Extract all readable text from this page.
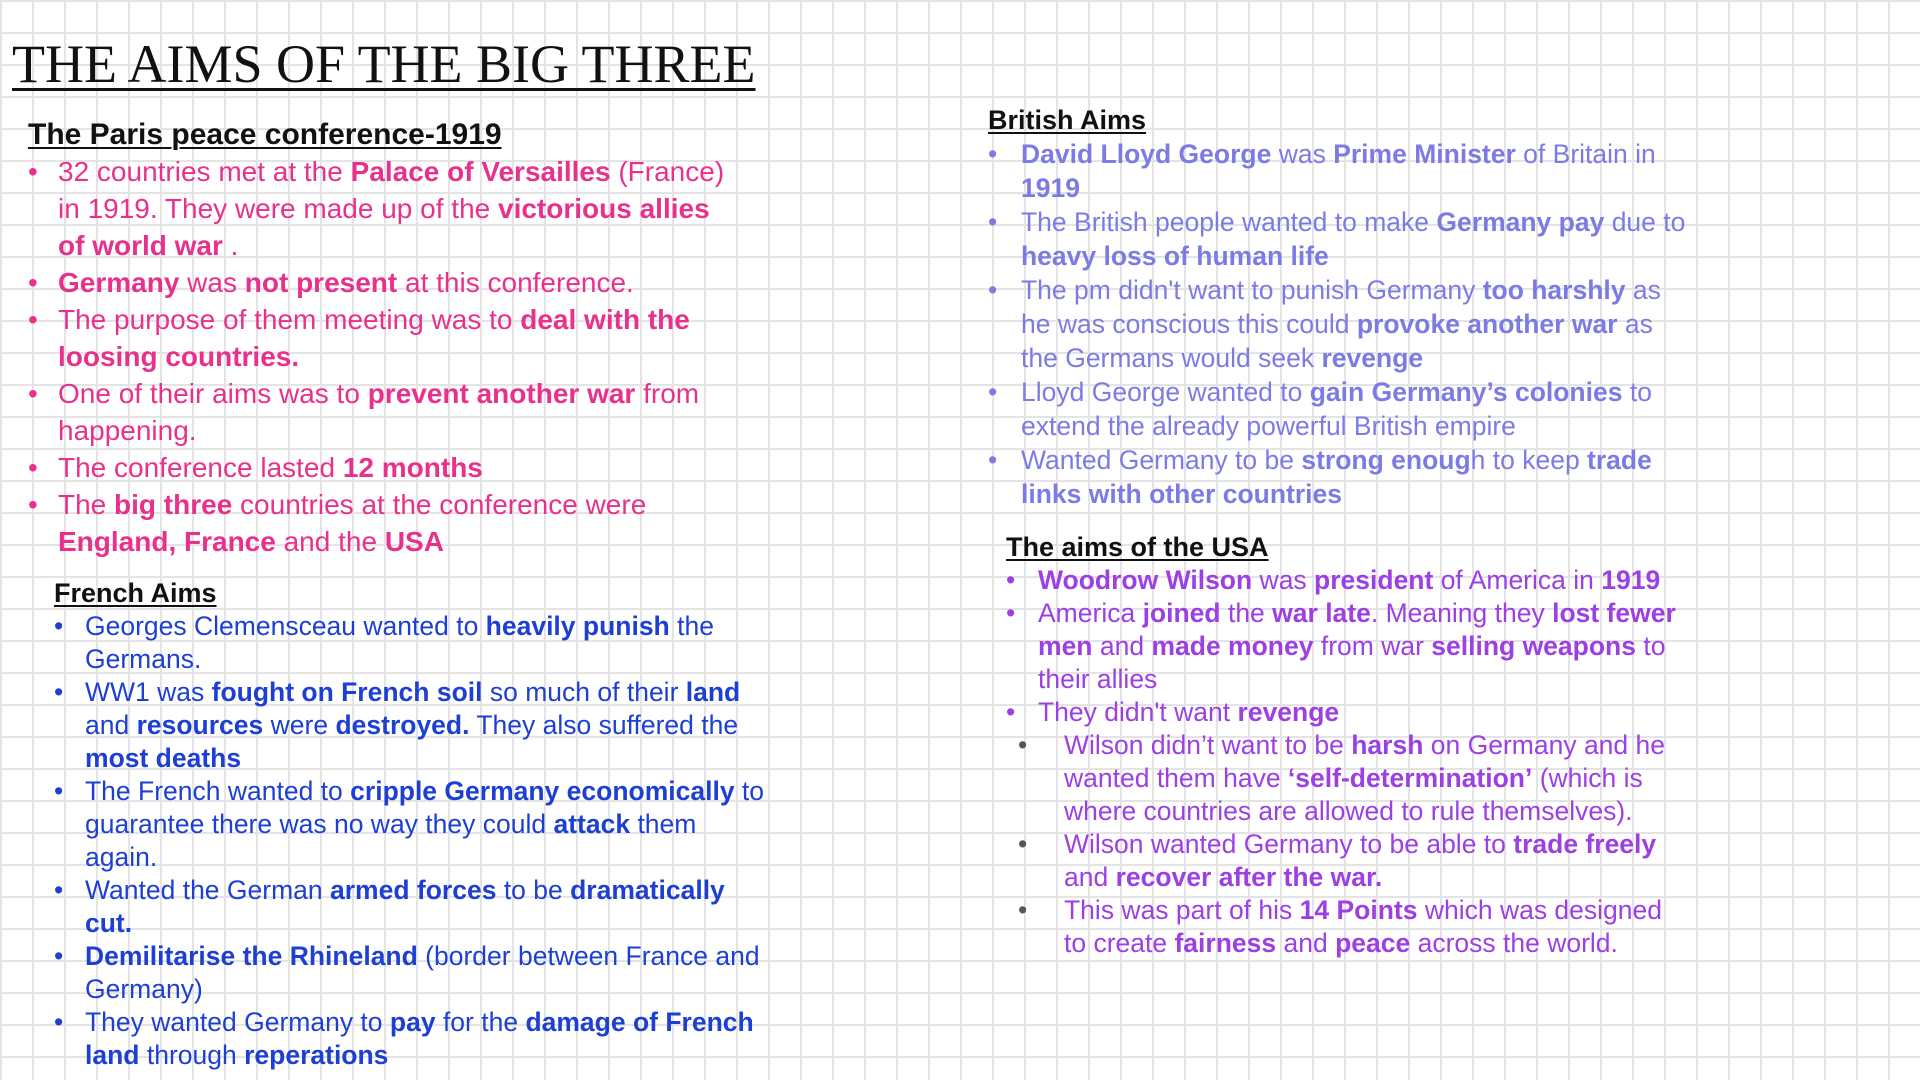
THE AIMS OF THE BIG THREE
The Paris peace conference-1919
• 32 countries met at the Palace of Versailles (France) in 1919. They were made up of the victorious allies of world war .
• Germany was not present at this conference.
• The purpose of them meeting was to deal with the loosing countries.
• One of their aims was to prevent another war from happening.
• The conference lasted 12 months
• The big three countries at the conference were England, France and the USA
French Aims
• Georges Clemensceau wanted to heavily punish the Germans.
• WW1 was fought on French soil so much of their land and resources were destroyed. They also suffered the most deaths
• The French wanted to cripple Germany economically to guarantee there was no way they could attack them again.
• Wanted the German armed forces to be dramatically cut.
• Demilitarise the Rhineland (border between France and Germany)
• They wanted Germany to pay for the damage of French land through reperations
British Aims
• David Lloyd George was Prime Minister of Britain in 1919
• The British people wanted to make Germany pay due to heavy loss of human life
• The pm didn't want to punish Germany too harshly as he was conscious this could provoke another war as the Germans would seek revenge
• Lloyd George wanted to gain Germany’s colonies to extend the already powerful British empire
• Wanted Germany to be strong enough to keep trade links with other countries
The aims of the USA
• Woodrow Wilson was president of America in 1919
• America joined the war late. Meaning they lost fewer men and made money from war selling weapons to their allies
• They didn't want revenge
• Wilson didn’t want to be harsh on Germany and he wanted them have ‘self-determination’ (which is where countries are allowed to rule themselves).
• Wilson wanted Germany to be able to trade freely and recover after the war.
• This was part of his 14 Points which was designed to create fairness and peace across the world.
